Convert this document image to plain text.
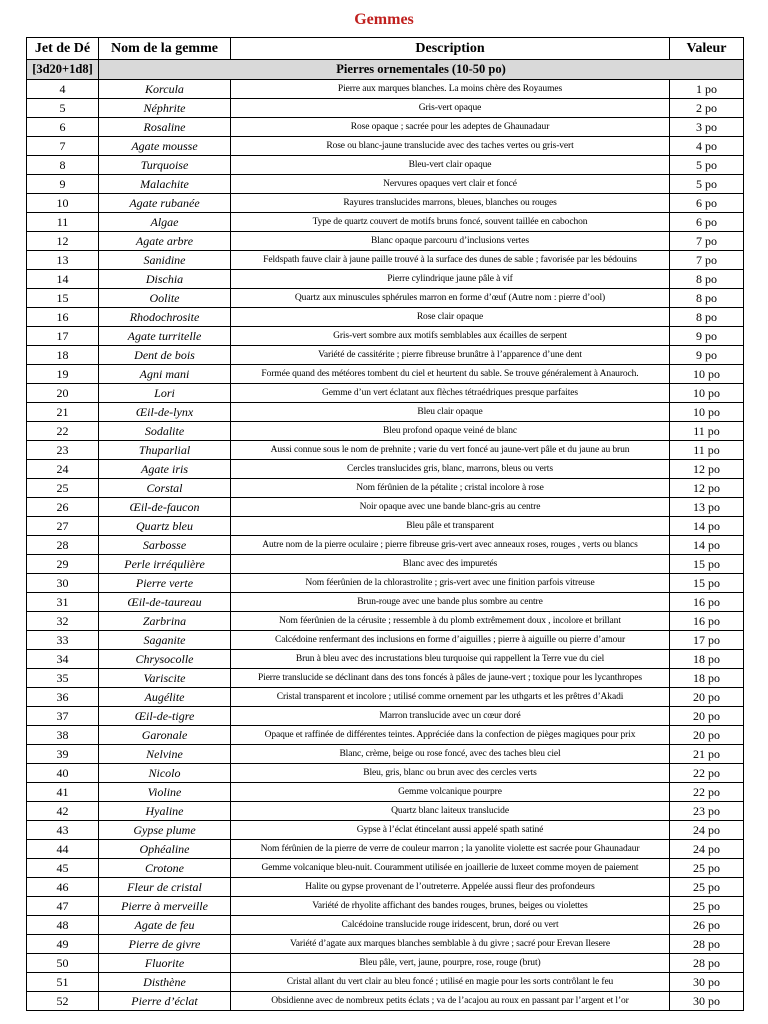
Gemmes
Jet de Dé	Nom de la gemme	Description	Valeur
[3d20+1d8]	Pierres ornementales (10-50 po)		
4	Korcula	Pierre aux marques blanches. La moins chère des Royaumes	1 po
5	Néphrite	Gris-vert opaque	2 po
6	Rosaline	Rose opaque ; sacrée pour les adeptes de Ghaunadaur	3 po
7	Agate mousse	Rose ou blanc-jaune translucide avec des taches vertes ou gris-vert	4 po
8	Turquoise	Bleu-vert clair opaque	5 po
9	Malachite	Nervures opaques vert clair et foncé	5 po
10	Agate rubanée	Rayures translucides marrons, bleues, blanches ou rouges	6 po
11	Algae	Type de quartz couvert de motifs bruns foncé, souvent taillée en cabochon	6 po
12	Agate arbre	Blanc opaque parcouru d’inclusions vertes	7 po
13	Sanidine	Feldspath fauve clair à jaune paille trouvé à la surface des dunes de sable ; favorisée par les bédouins	7 po
14	Dischia	Pierre cylindrique jaune pâle à vif	8 po
15	Oolite	Quartz aux minuscules sphérules marron en forme d’œuf (Autre nom : pierre d’ool)	8 po
16	Rhodochrosite	Rose clair opaque	8 po
17	Agate turritelle	Gris-vert sombre aux motifs semblables aux écailles de serpent	9 po
18	Dent de bois	Variété de cassitérite ; pierre fibreuse brunâtre à l’apparence d’une dent	9 po
19	Agni mani	Formée quand des météores tombent du ciel et heurtent du sable. Se trouve généralement à Anauroch.	10 po
20	Lori	Gemme d’un vert éclatant aux flèches tétraédriques presque parfaites	10 po
21	Œil-de-lynx	Bleu clair opaque	10 po
22	Sodalite	Bleu profond opaque veiné de blanc	11 po
23	Thuparlial	Aussi connue sous le nom de prehnite ; varie du vert foncé au jaune-vert pâle et du jaune au brun	11 po
24	Agate iris	Cercles translucides gris, blanc, marrons, bleus ou verts	12 po
25	Corstal	Nom férûnien de la pétalite ; cristal incolore à rose	12 po
26	Œil-de-faucon	Noir opaque avec une bande blanc-gris au centre	13 po
27	Quartz bleu	Bleu pâle et transparent	14 po
28	Sarbosse	Autre nom de la pierre oculaire ; pierre fibreuse gris-vert avec anneaux roses, rouges , verts ou blancs	14 po
29	Perle irréqulière	Blanc avec des impuretés	15 po
30	Pierre verte	Nom féerûnien de la chlorastrolite ; gris-vert avec une finition parfois vitreuse	15 po
31	Œil-de-taureau	Brun-rouge avec une bande plus sombre au centre	16 po
32	Zarbrina	Nom féerûnien de la cérusite ; ressemble à du plomb extrêmement doux , incolore et brillant	16 po
33	Saganite	Calcédoine renfermant des inclusions en forme d’aiguilles ; pierre à aiguille ou pierre d’amour	17 po
34	Chrysocolle	Brun à bleu avec des incrustations bleu turquoise qui rappellent la Terre vue du ciel	18 po
35	Variscite	Pierre translucide se déclinant dans des tons foncés à pâles de jaune-vert ; toxique pour les lycanthropes	18 po
36	Augélite	Cristal transparent et incolore ; utilisé comme ornement par les uthgarts et les prêtres d’Akadi	20 po
37	Œil-de-tigre	Marron translucide avec un cœur doré	20 po
38	Garonale	Opaque et raffinée de différentes teintes. Appréciée dans la confection de pièges magiques pour prix	20 po
39	Nelvine	Blanc, crème, beige ou rose foncé, avec des taches bleu ciel	21 po
40	Nicolo	Bleu, gris, blanc ou brun avec des cercles verts	22 po
41	Violine	Gemme volcanique pourpre	22 po
42	Hyaline	Quartz blanc laiteux translucide	23 po
43	Gypse plume	Gypse à l’éclat étincelant aussi appelé spath satiné	24 po
44	Ophéaline	Nom férûnien de la pierre de verre de couleur marron ; la yanolite violette est sacrée pour Ghaunadaur	24 po
45	Crotone	Gemme volcanique bleu-nuit. Couramment utilisée en joaillerie de luxeet comme moyen de paiement	25 po
46	Fleur de cristal	Halite ou gypse provenant de l’outreterre. Appelée aussi fleur des profondeurs	25 po
47	Pierre à merveille	Variété de rhyolite affichant des bandes rouges, brunes, beiges ou violettes	25 po
48	Agate de feu	Calcédoine translucide rouge iridescent, brun, doré ou vert	26 po
49	Pierre de givre	Variété d’agate aux marques blanches semblable à du givre ; sacré pour Erevan Ilesere	28 po
50	Fluorite	Bleu pâle, vert, jaune, pourpre, rose, rouge (brut)	28 po
51	Disthène	Cristal allant du vert clair au bleu foncé ; utilisé en magie pour les sorts contrôlant le feu	30 po
52	Pierre d’éclat	Obsidienne avec de nombreux petits éclats ; va de l’acajou au roux en passant par l’argent et l’or	30 po
